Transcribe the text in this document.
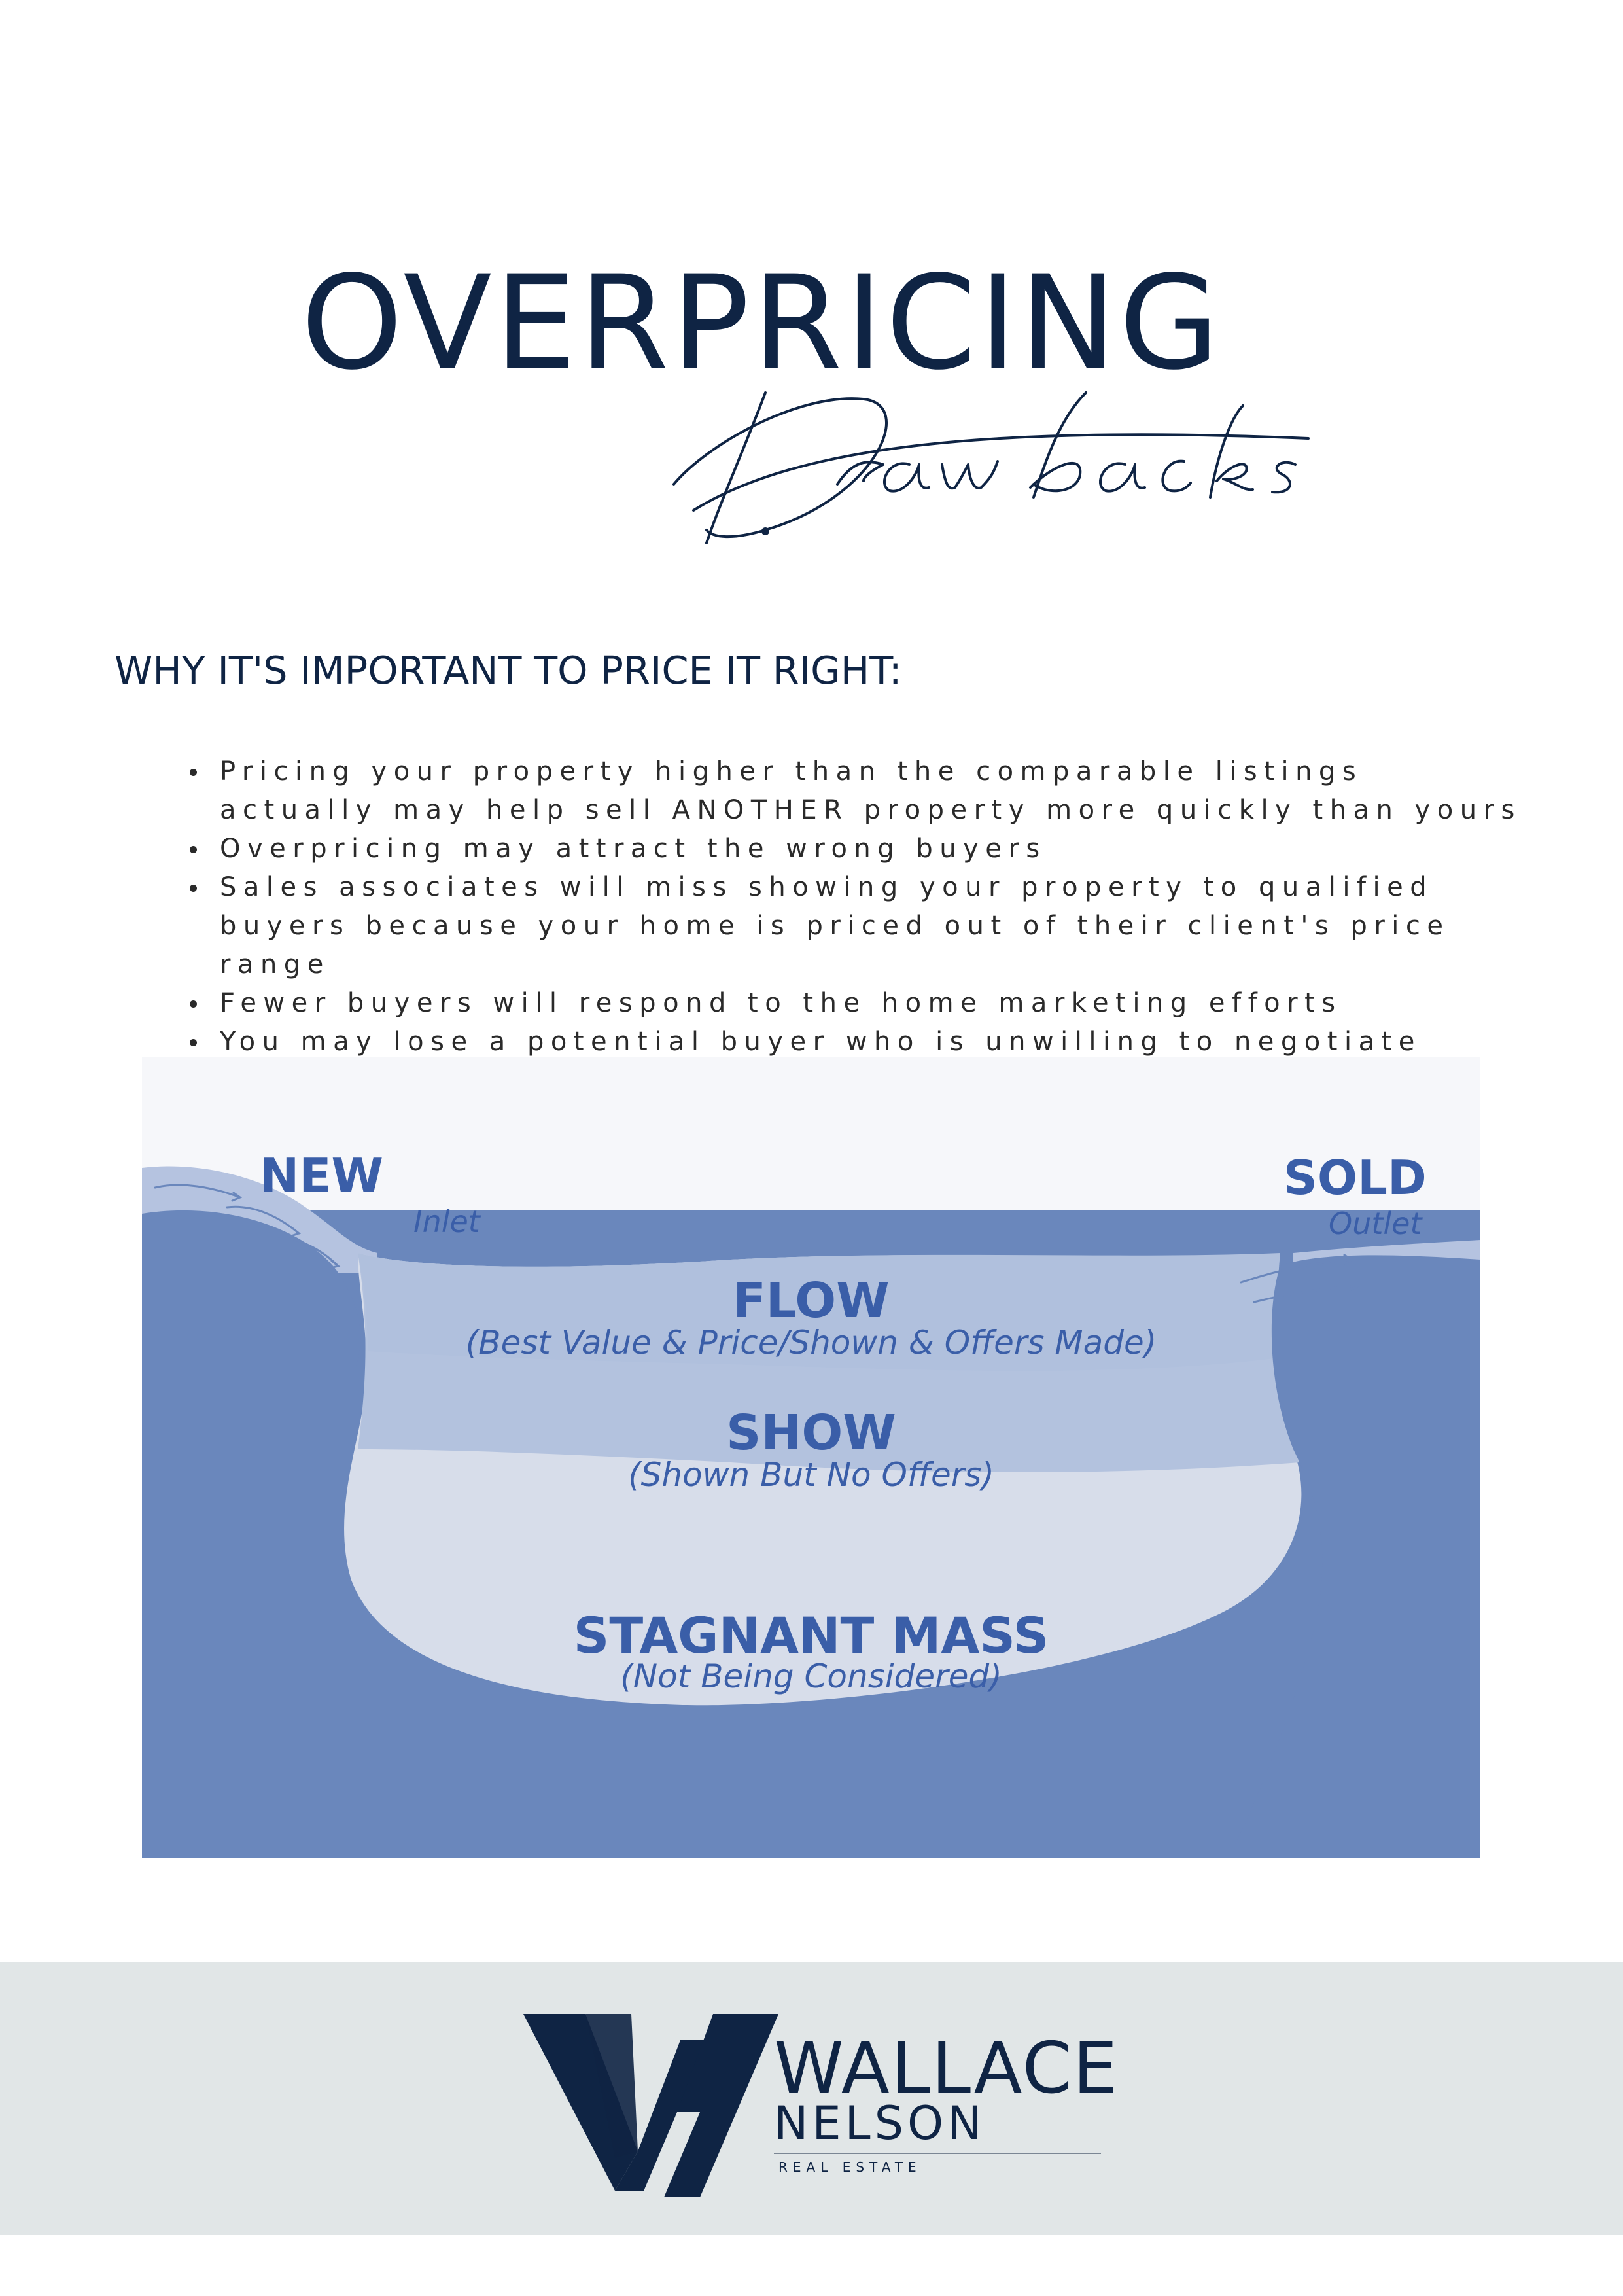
OVERPRICING
WHY IT'S IMPORTANT TO PRICE IT RIGHT:
Pricing your property higher than the comparable listings actually may help sell ANOTHER property more quickly than yours
Overpricing may attract the wrong buyers
Sales associates will miss showing your property to qualified buyers because your home is priced out of their client's price range
Fewer buyers will respond to the home marketing efforts
You may lose a potential buyer who is unwilling to negotiate
NEW
Inlet
SOLD
Outlet
FLOW
(Best Value & Price/Shown & Offers Made)
SHOW
(Shown But No Offers)
STAGNANT MASS
(Not Being Considered)
WALLACE
NELSON
REAL ESTATE
